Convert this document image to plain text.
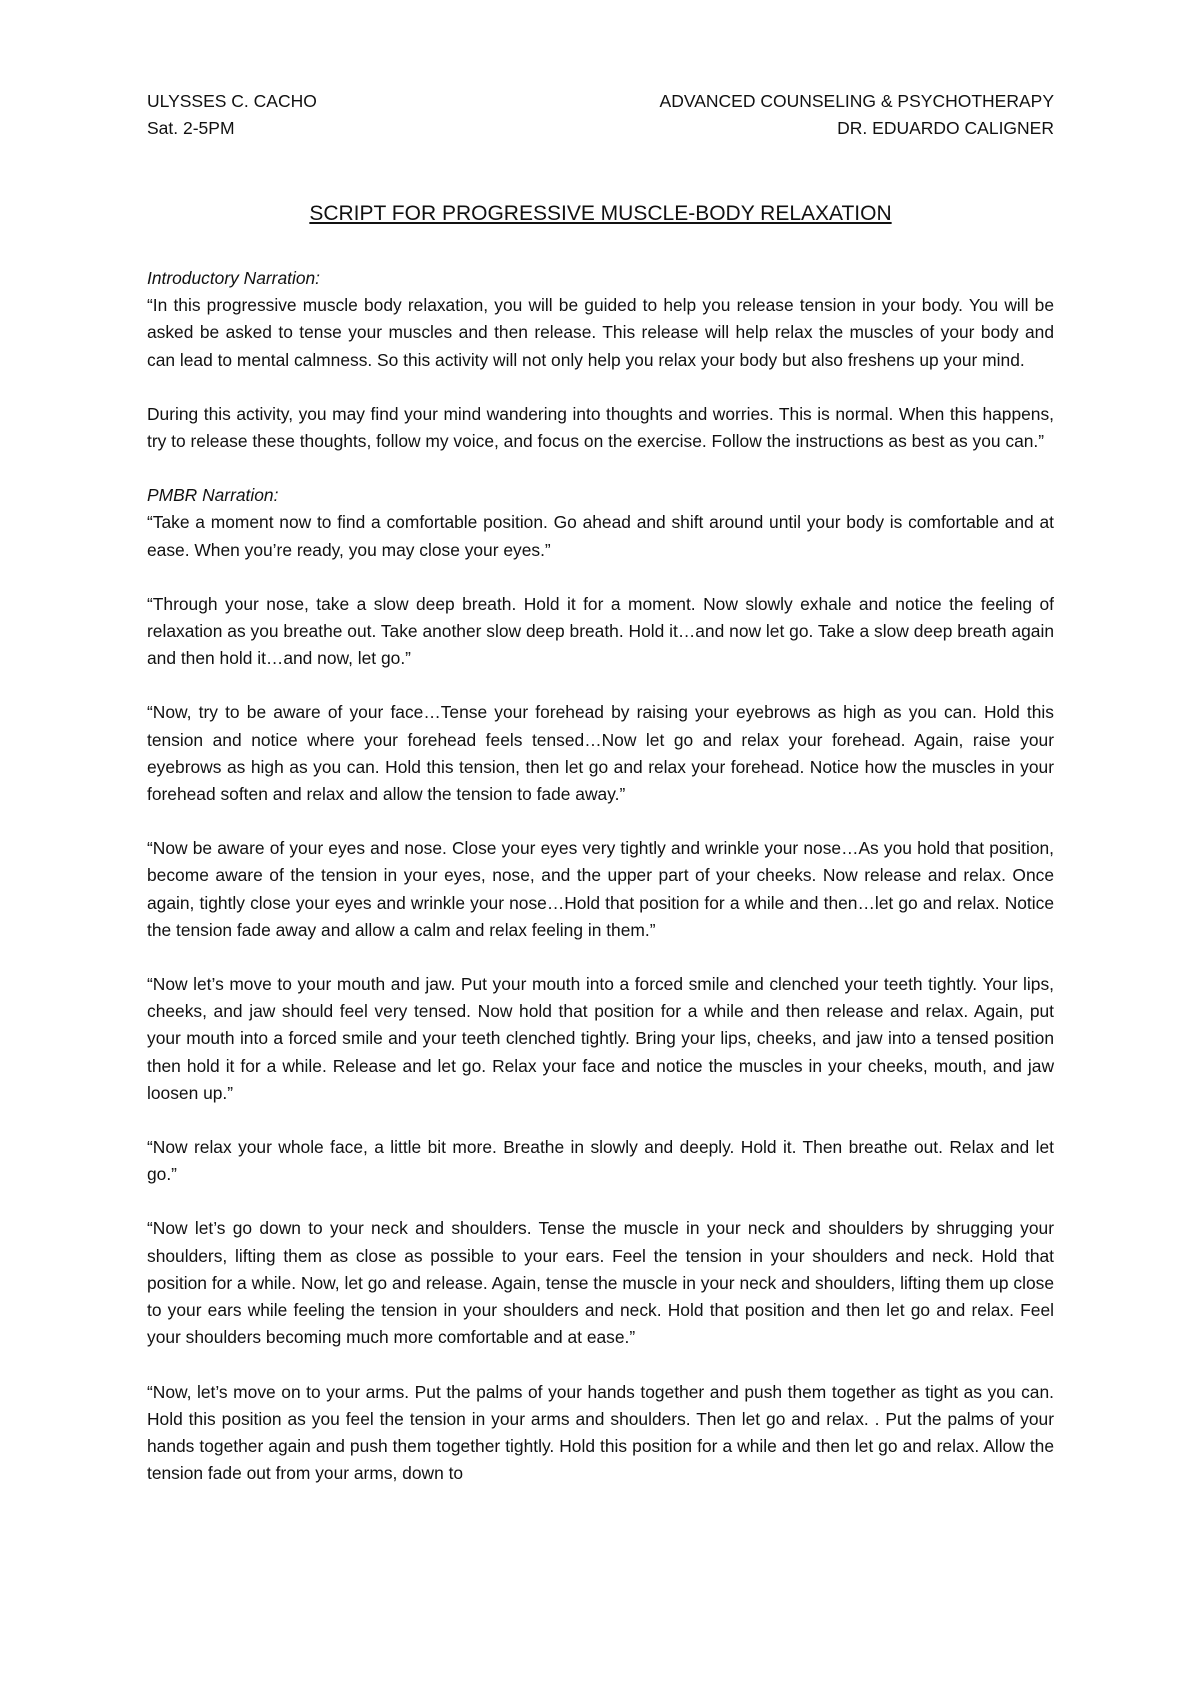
ULYSSES C. CACHO
Sat. 2-5PM
ADVANCED COUNSELING & PSYCHOTHERAPY
DR. EDUARDO CALIGNER
SCRIPT FOR PROGRESSIVE MUSCLE-BODY RELAXATION
Introductory Narration:

“In this progressive muscle body relaxation, you will be guided to help you release tension in your body. You will be asked be asked to tense your muscles and then release. This release will help relax the muscles of your body and can lead to mental calmness. So this activity will not only help you relax your body but also freshens up your mind.

During this activity, you may find your mind wandering into thoughts and worries. This is normal. When this happens, try to release these thoughts, follow my voice, and focus on the exercise. Follow the instructions as best as you can.”

PMBR Narration:

“Take a moment now to find a comfortable position. Go ahead and shift around until your body is comfortable and at ease. When you’re ready, you may close your eyes.”

“Through your nose, take a slow deep breath. Hold it for a moment. Now slowly exhale and notice the feeling of relaxation as you breathe out. Take another slow deep breath. Hold it…and now let go. Take a slow deep breath again and then hold it…and now, let go.”

“Now, try to be aware of your face…Tense your forehead by raising your eyebrows as high as you can. Hold this tension and notice where your forehead feels tensed…Now let go and relax your forehead. Again, raise your eyebrows as high as you can. Hold this tension, then let go and relax your forehead. Notice how the muscles in your forehead soften and relax and allow the tension to fade away.”

“Now be aware of your eyes and nose. Close your eyes very tightly and wrinkle your nose…As you hold that position, become aware of the tension in your eyes, nose, and the upper part of your cheeks. Now release and relax. Once again, tightly close your eyes and wrinkle your nose…Hold that position for a while and then…let go and relax. Notice the tension fade away and allow a calm and relax feeling in them.”

“Now let’s move to your mouth and jaw. Put your mouth into a forced smile and clenched your teeth tightly. Your lips, cheeks, and jaw should feel very tensed. Now hold that position for a while and then release and relax. Again, put your mouth into a forced smile and your teeth clenched tightly. Bring your lips, cheeks, and jaw into a tensed position then hold it for a while. Release and let go. Relax your face and notice the muscles in your cheeks, mouth, and jaw loosen up.”

“Now relax your whole face, a little bit more. Breathe in slowly and deeply. Hold it. Then breathe out. Relax and let go.”

“Now let’s go down to your neck and shoulders. Tense the muscle in your neck and shoulders by shrugging your shoulders, lifting them as close as possible to your ears. Feel the tension in your shoulders and neck. Hold that position for a while. Now, let go and release. Again, tense the muscle in your neck and shoulders, lifting them up close to your ears while feeling the tension in your shoulders and neck. Hold that position and then let go and relax. Feel your shoulders becoming much more comfortable and at ease.”

“Now, let’s move on to your arms. Put the palms of your hands together and push them together as tight as you can. Hold this position as you feel the tension in your arms and shoulders. Then let go and relax. . Put the palms of your hands together again and push them together tightly. Hold this position for a while and then let go and relax. Allow the tension fade out from your arms, down to
